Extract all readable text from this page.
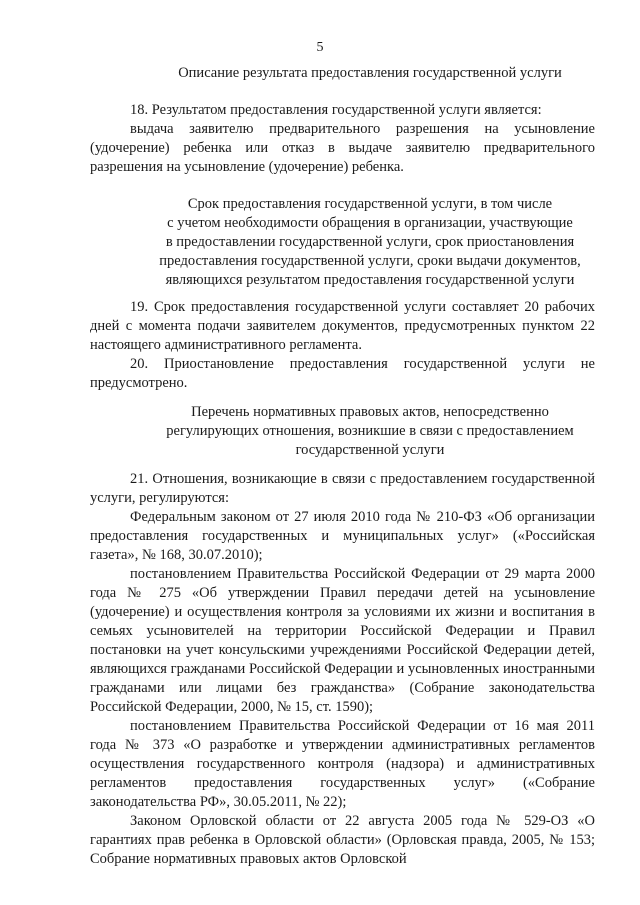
5
Описание результата предоставления государственной услуги

18. Результатом предоставления государственной услуги является:

выдача заявителю предварительного разрешения на усыновление (удочерение) ребенка или отказ в выдаче заявителю предварительного разрешения на усыновление (удочерение) ребенка.

Срок предоставления государственной услуги, в том числе
с учетом необходимости обращения в организации, участвующие
в предоставлении государственной услуги, срок приостановления
предоставления государственной услуги, сроки выдачи документов,
являющихся результатом предоставления государственной услуги

19. Срок предоставления государственной услуги составляет 20 рабочих дней с момента подачи заявителем документов, предусмотренных пунктом 22 настоящего административного регламента.

20. Приостановление предоставления государственной услуги не предусмотрено.

Перечень нормативных правовых актов, непосредственно
регулирующих отношения, возникшие в связи с предоставлением
государственной услуги

21. Отношения, возникающие в связи с предоставлением государственной услуги, регулируются:

Федеральным законом от 27 июля 2010 года № 210-ФЗ «Об организации предоставления государственных и муниципальных услуг» («Российская газета», № 168, 30.07.2010);

постановлением Правительства Российской Федерации от 29 марта 2000 года № 275 «Об утверждении Правил передачи детей на усыновление (удочерение) и осуществления контроля за условиями их жизни и воспитания в семьях усыновителей на территории Российской Федерации и Правил постановки на учет консульскими учреждениями Российской Федерации детей, являющихся гражданами Российской Федерации и усыновленных иностранными гражданами или лицами без гражданства» (Собрание законодательства Российской Федерации, 2000, № 15, ст. 1590);

постановлением Правительства Российской Федерации от 16 мая 2011 года № 373 «О разработке и утверждении административных регламентов осуществления государственного контроля (надзора) и административных регламентов предоставления государственных услуг» («Собрание законодательства РФ», 30.05.2011, № 22);

Законом Орловской области от 22 августа 2005 года № 529-ОЗ «О гарантиях прав ребенка в Орловской области» (Орловская правда, 2005, № 153; Собрание нормативных правовых актов Орловской
